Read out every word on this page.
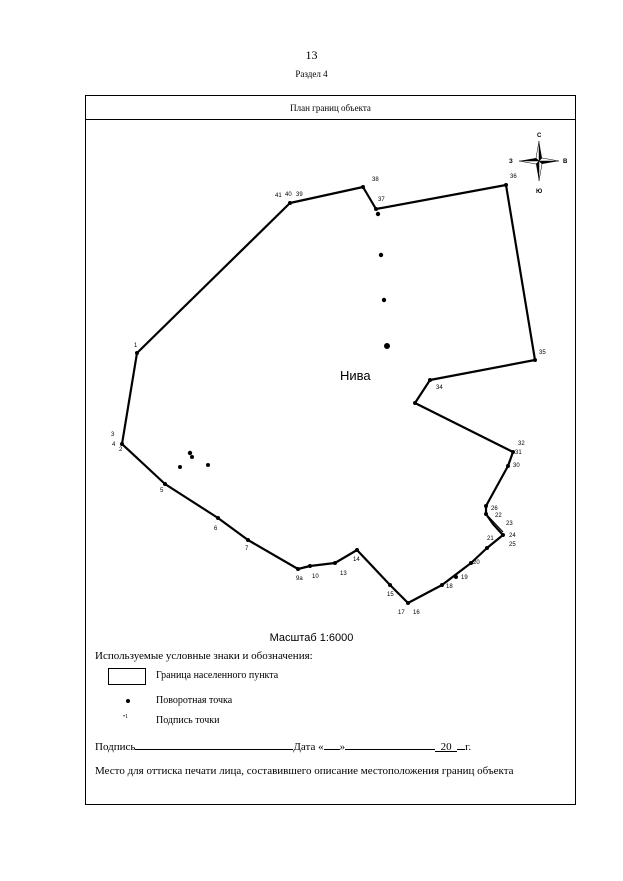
13
Раздел 4
План границ объекта
1
2
3
4
5
6
7
9а 10	13
14
15
17 16
18
19
20
21	24
25
23
22
26
30
31
32
34
35
36
37
38
39
40
41
Нива
С
Ю
В
З
Масштаб 1:6000
Используемые условные знаки и обозначения:
Граница населенного пункта
Поворотная точка
•1	Подпись точки
Подпись	Дата « »	20 г.
Место для оттиска печати лица, составившего описание местоположения границ объекта
